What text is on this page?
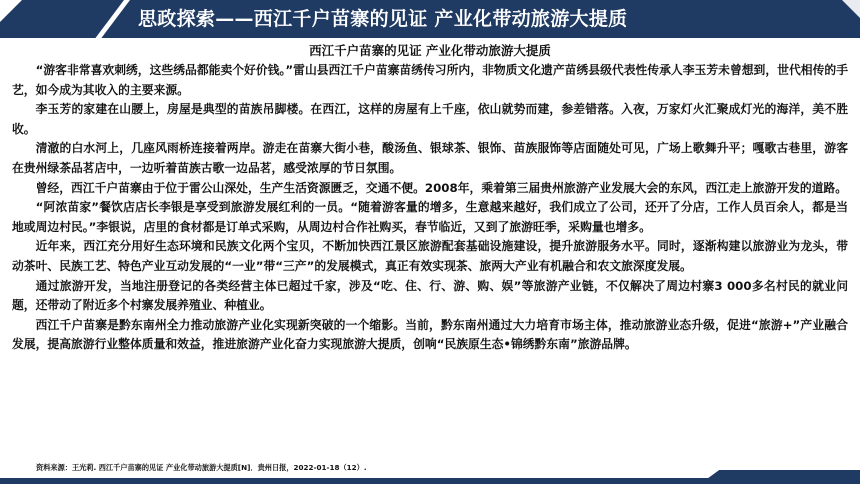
思政探索——西江千户苗寨的见证 产业化带动旅游大提质
西江千户苗寨的见证 产业化带动旅游大提质

“游客非常喜欢刺绣，这些绣品都能卖个好价钱。”雷山县西江千户苗寨苗绣传习所内，非物质文化遗产苗绣县级代表性传承人李玉芳未曾想到，世代相传的手艺，如今成为其收入的主要来源。

李玉芳的家建在山腰上，房屋是典型的苗族吊脚楼。在西江，这样的房屋有上千座，依山就势而建，参差错落。入夜，万家灯火汇聚成灯光的海洋，美不胜收。

清澈的白水河上，几座风雨桥连接着两岸。游走在苗寨大街小巷，酸汤鱼、银球茶、银饰、苗族服饰等店面随处可见，广场上歌舞升平；嘎歌古巷里，游客在贵州绿茶品茗店中，一边听着苗族古歌一边品茗，感受浓厚的节日氛围。

曾经，西江千户苗寨由于位于雷公山深处，生产生活资源匮乏，交通不便。2008年，乘着第三届贵州旅游产业发展大会的东风，西江走上旅游开发的道路。

“阿浓苗家”餐饮店店长李银是享受到旅游发展红利的一员。“随着游客量的增多，生意越来越好，我们成立了公司，还开了分店，工作人员百余人，都是当地或周边村民。”李银说，店里的食材都是订单式采购，从周边村合作社购买，春节临近，又到了旅游旺季，采购量也增多。

近年来，西江充分用好生态环境和民族文化两个宝贝，不断加快西江景区旅游配套基础设施建设，提升旅游服务水平。同时，逐渐构建以旅游业为龙头，带动茶叶、民族工艺、特色产业互动发展的“一业”带“三产”的发展模式，真正有效实现茶、旅两大产业有机融合和农文旅深度发展。

通过旅游开发，当地注册登记的各类经营主体已超过千家，涉及“吃、住、行、游、购、娱”等旅游产业链，不仅解决了周边村寨3 000多名村民的就业问题，还带动了附近多个村寨发展养殖业、种植业。

西江千户苗寨是黔东南州全力推动旅游产业化实现新突破的一个缩影。当前，黔东南州通过大力培育市场主体，推动旅游业态升级，促进“旅游+”产业融合发展，提高旅游行业整体质量和效益，推进旅游产业化奋力实现旅游大提质，创响“民族原生态•锦绣黔东南”旅游品牌。

资料来源：王光莉. 西江千户苗寨的见证 产业化带动旅游大提质[N]．贵州日报，2022-01-18（12）.
